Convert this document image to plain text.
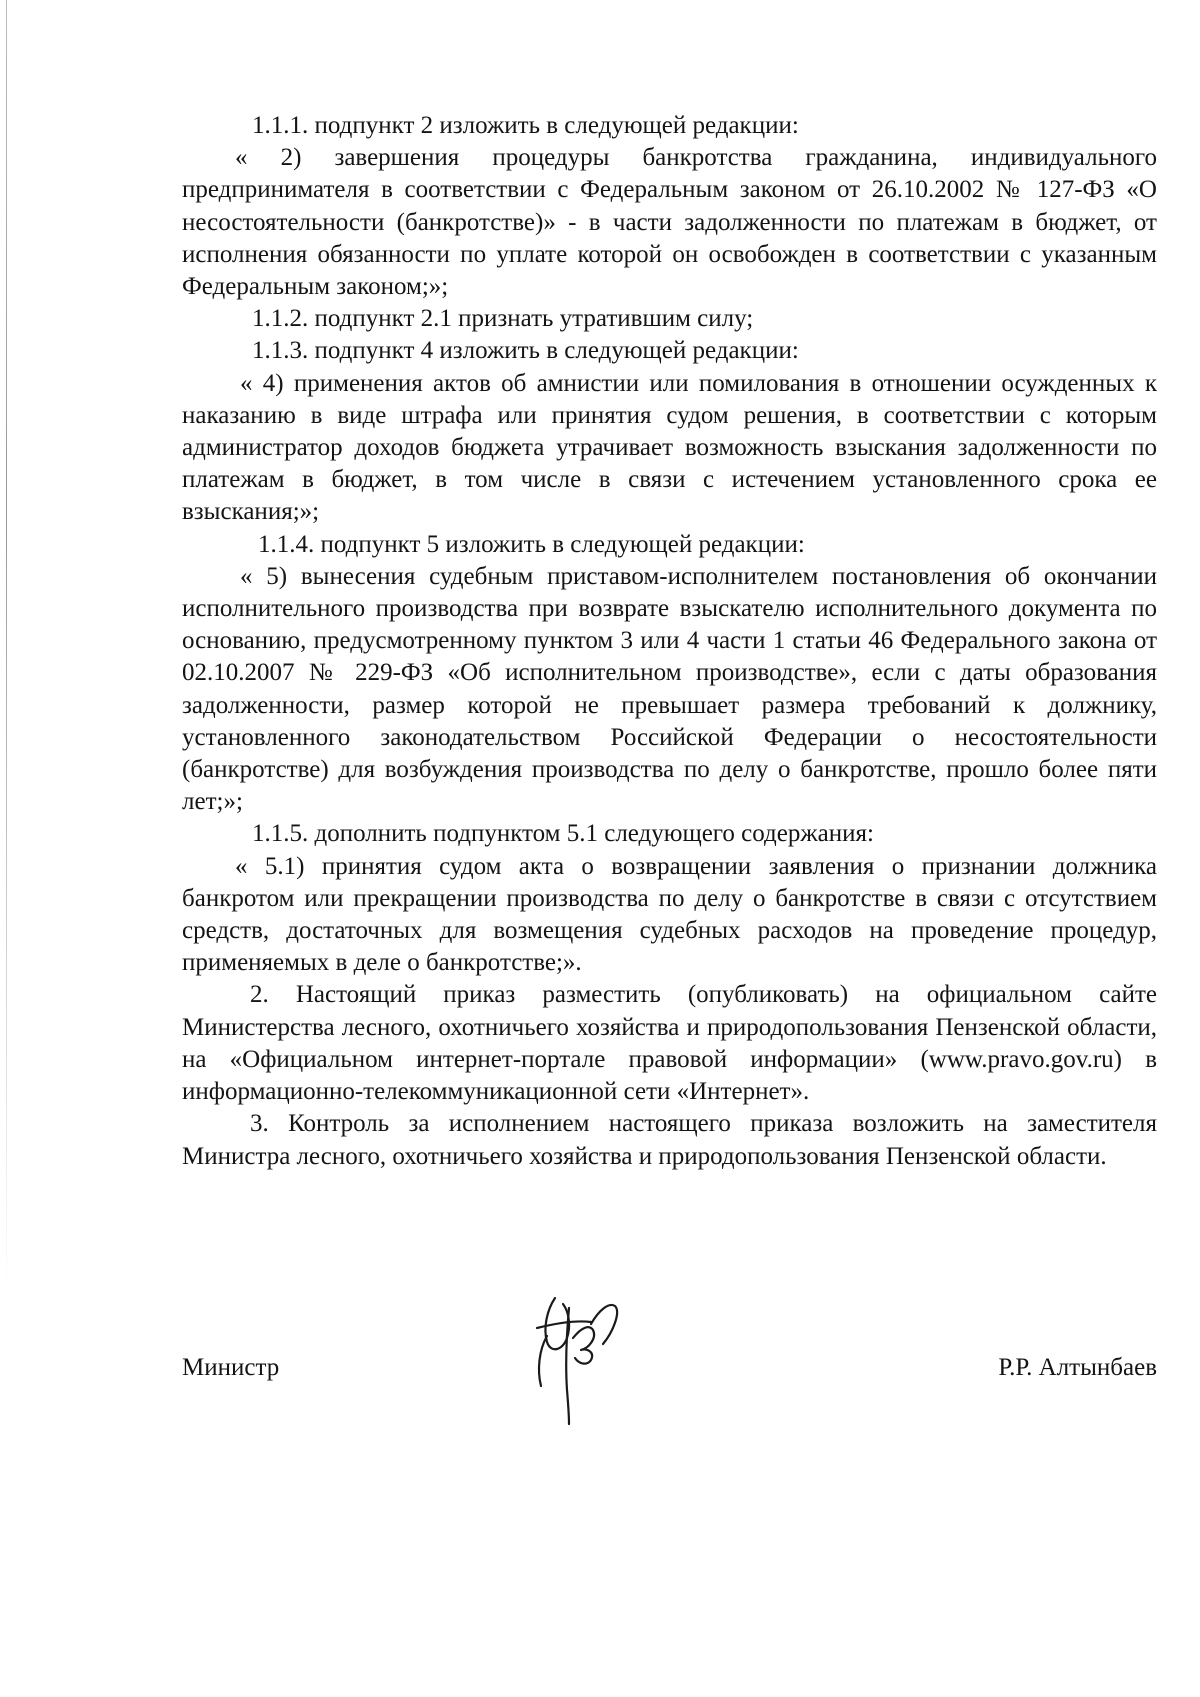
1.1.1. подпункт 2 изложить в следующей редакции:

« 2) завершения процедуры банкротства гражданина, индивидуального предпринимателя в соответствии с Федеральным законом от 26.10.2002 № 127-ФЗ «О несостоятельности (банкротстве)» - в части задолженности по платежам в бюджет, от исполнения обязанности по уплате которой он освобожден в соответствии с указанным Федеральным законом;»;

1.1.2. подпункт 2.1 признать утратившим силу;

1.1.3. подпункт 4 изложить в следующей редакции:

« 4) применения актов об амнистии или помилования в отношении осужденных к наказанию в виде штрафа или принятия судом решения, в соответствии с которым администратор доходов бюджета утрачивает возможность взыскания задолженности по платежам в бюджет, в том числе в связи с истечением установленного срока ее взыскания;»;

1.1.4. подпункт 5 изложить в следующей редакции:

« 5) вынесения судебным приставом-исполнителем постановления об окончании исполнительного производства при возврате взыскателю исполнительного документа по основанию, предусмотренному пунктом 3 или 4 части 1 статьи 46 Федерального закона от 02.10.2007 № 229-ФЗ «Об исполнительном производстве», если с даты образования задолженности, размер которой не превышает размера требований к должнику, установленного законодательством Российской Федерации о несостоятельности (банкротстве) для возбуждения производства по делу о банкротстве, прошло более пяти лет;»;

1.1.5. дополнить подпунктом 5.1 следующего содержания:

« 5.1) принятия судом акта о возвращении заявления о признании должника банкротом или прекращении производства по делу о банкротстве в связи с отсутствием средств, достаточных для возмещения судебных расходов на проведение процедур, применяемых в деле о банкротстве;».

2. Настоящий приказ разместить (опубликовать) на официальном сайте Министерства лесного, охотничьего хозяйства и природопользования Пензенской области, на «Официальном интернет-портале правовой информации» (www.pravo.gov.ru) в информационно-телекоммуникационной сети «Интернет».

3. Контроль за исполнением настоящего приказа возложить на заместителя Министра лесного, охотничьего хозяйства и природопользования Пензенской области.

Министр	Р.Р. Алтынбаев
